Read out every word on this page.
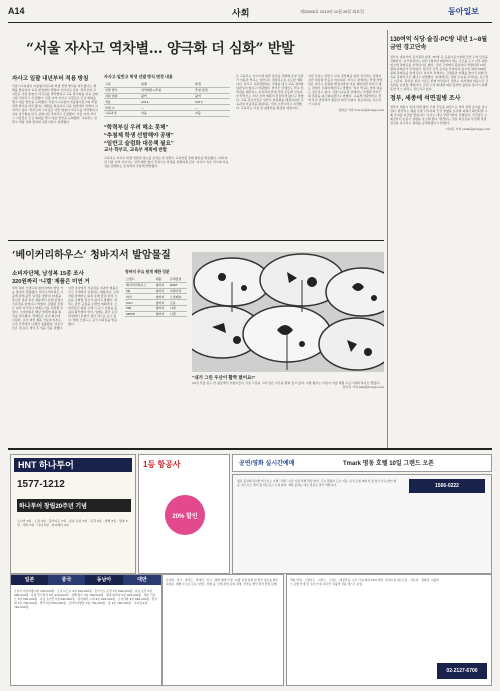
A14	사회	제22695호 2013년 11월 26일 화요일	동아일보
“서울 자사고 역차별… 양극화 더 심화” 반발
자사고 일괄 내년부터 적용 방침
서울시교육청이 자율형사립고의 학생 선발 방식을 바꾸겠다는 계획을 발표하자 교육 현장에서 반발이 이어지고 있다. 학부모와 교사들은 이번 방침이 자사고를 역차별하고 교육 양극화를 더욱 심화시킬 것이라고 주장했다. 서울 지역 자사고 교장들은 긴급 회의를 열고 대응 방안을 논의했다. 서울시교육청이 자율형사립고의 학생 선발 방식을 바꾸겠다는 계획을 발표하자 교육 현장에서 반발이 이어지고 있다. 학부모와 교사들은 이번 방침이 자사고를 역차별하고 교육 양극화를 더욱 심화시킬 것이라고 주장했다. 서울 지역 자사고 교장들은 긴급 회의를 열고 대응 방안을 논의했다. 교육부는 일반고 역량 강화 방안의 일환이라고 설명했다.
자사고·일반고 학생 선발 방식 변경 내용
구분	현행	변경
선발 방식	성적제한+추첨	추첨·면접
지원 범위	광역	광역
적용	2014	2015
학생 수	—	—
교육과정	자율	자율
“학력부실 우려 해소 못해”
“추첨제 학생 선발해야 공평”
“일반고 슬럼화 대응책 필요”
교사·학부모, 교육부 계획에 반발
교육부는 자사고 학생 선발권 축소를 골자로 한 일반고 교육역량 강화 방안을 발표했다. 이에 따라 서울 지역 자사고는 성적 제한 없이 추첨으로 학생을 선발하게 된다. 자사고 측은 학교의 자율성을 침해하는 조치라며 강하게 반발했다.
또 교육부는 자사고에 대한 평가를 강화해 운영 성과가 미흡한 학교는 일반고로 전환하도록 유도할 계획이다. 자사고 교장연합회는 성명을 내고 교육 정책의 일관성이 없다고 비판했다. 학부모 단체들도 학교 선택권을 제한하는 조치라며 반대 서명 운동에 나섰다. 한 학부모는 자녀 진학 계획이 흔들리게 됐다고 말했다. 교육 전문가들은 일반고 슬럼화를 해결하려면 교육과정 자율권을 확대하는 것이 우선이라고 지적했다. 교육부는 다음 달 최종안을 확정할 예정이다.
이번 조치는 일반고 교육 정상화를 위한 것이라는 설명이지만 현장의 반응은 싸늘하다. 자사고 관계자는 학생 선발권은 자사고 운영의 핵심이라며 이를 제한하면 자사고 제도 자체가 무의미해진다고 말했다. 일부 학교는 법적 대응도 검토하고 있다. 서울시교육청 관계자는 학생과 학부모의 혼란을 최소화하겠다고 밝혔다. 교육계 안팎에서는 정책 추진 과정에서 충분한 의견 수렴이 필요하다는 목소리가 나온다.
김희균 기자 foryou@donga.com
130여억 식당·술집·PC방 내년 1∼8월 금연 경고단속
정부가 내년부터 음식점과 술집, PC방 등 공중이용시설의 금연 구역 단속을 강화한다. 보건복지부는 내년 1월부터 8월까지 계도 기간을 두고 이후 위반 업소에 과태료를 부과하기로 했다. 금연 구역에서 흡연하다 적발되면 10만 원의 과태료가 부과된다. 업주가 금연 표지를 부착하지 않으면 최대 500만 원의 과태료를 물게 된다. 복지부 관계자는 간접흡연 피해를 줄이기 위해 단속을 강화하기로 했다고 설명했다. 업계에서는 영업 손실을 우려하는 목소리도 나온다. 흡연실 설치 기준도 함께 마련된다. 정부는 지자체와 합동으로 단속반을 운영할 계획이다. 금연 구역 확대에 따른 흡연자 불편을 줄이기 위해 흡연 부스 설치도 검토하고 있다.
정부, 세종에 석면질병 조사
정부가 세종시 일대 석면 광산 주변 주민을 대상으로 석면 질병 조사를 실시한다. 환경부는 폐광 주변 거주자의 건강 영향을 조사해 피해가 확인되면 구제 급여를 지급할 방침이다. 조사는 내년 상반기까지 진행된다. 주민들은 오래전부터 호흡기 질환을 호소해 왔다. 환경부는 전문 의료진을 투입해 정밀 검진을 실시하고 결과를 공개하겠다고 밝혔다.
이지은 기자 smile@donga.com
‘베이커리하우스’ 청바지서 발암물질
소비자단체, 남성복 15종 조사
320원짜리 ‘니켈’ 제품은 미연 거
일부 의류 브랜드의 청바지에서 발암 가능 물질이 검출됐다. 한국소비자원은 시중에 판매 중인 남성용 청바지 15종을 조사한 결과 일부 제품에서 유해 물질이 기준치를 넘었다고 밝혔다. 검출된 물질은 피부 자극이나 알레르기를 유발할 수 있다. 소비자원은 해당 업체에 제품 회수를 권고했다. 업체들은 자진 회수에 나섰다. 조사 대상 제품 가운데 일부는 금속 단추에서 니켈이 검출됐다. 전문가들은 새 옷은 세탁 후 입을 것을 권했다.
이번 조사에서 기준치를 초과한 제품은 모두 국내에서 유통되는 제품이다. 소비자원 관계자는 의류 유해 물질 관리 기준을 강화할 필요가 있다고 말했다. 정부는 관련 규정을 보완할 계획이다. 소비자들은 제품 구매 시 표시 사항을 꼼꼼히 확인해야 한다. 업계는 원단 공급 과정에서 문제가 생긴 것으로 보고 있다. 해당 브랜드는 공식 사과문을 발표했다.
청바지 주요 원재 제한 성분
브랜드	제품	유해물질
베이커리하우스	청바지	DMF
MJ	청바지	아릴아민
바이	청바지	노닐페놀
GSC	청바지	포름
TBJ	청바지	니켈
MIRR	청바지	니켈
“내가 그린 우산이 활짝 폈어요!”
25일 서울 중구 한 광장에서 어린이들이 직접 그림을 그려 넣은 우산을 펼쳐 들고 있다. 이날 행사는 어린이 미술 체험 프로그램의 하나로 열렸다.
김미옥 기자 salt@donga.com
HNT 하나투어
1577-1212
하나투어 창립20주년 기념
오사카 3일 · 도쿄 4일 · 홋카이도 5일 · 큐슈 온천 3일 · 북경 4일 · 상해 3일 · 방콕 5일 · 세부 5일 · 다낭 5일 · 타이베이 4일
일본	중국	동남아	대만
오사카 자유여행 3일 399,000원 · 도쿄 디즈니 4일 599,000원 · 홋카이도 온천 5일 899,000원 · 큐슈 료칸 3일 499,000원 · 북경 만리장성 4일 459,000원 · 상해 항주 3일 399,000원 · 방콕 파타야 5일 599,000원 · 세부 리조트 5일 699,000원 · 다낭 호이안 5일 649,000원 · 타이베이 시내 4일 499,000원 · 오키나와 4일 699,000원 · 장가계 5일 799,000원 · 발리 5일 899,000원 · 코타키나발루 5일 759,000원 · 괌 4일 799,000원 · 사이판 4일 749,000원
1등 항공사
20% 할인
뮤지컬 · 연극 · 콘서트 · 클래식 · 전시 · 영화 예매 안내. 12월 공연 일정 및 할인 정보를 확인하세요. 예매 수수료 무료 이벤트 진행 중. 단체 관람 문의 환영. 선착순 할인 좌석 한정 판매.
공연/영화 실시간예매	Tmark 명동 호텔 10일 그랜드 오픈
명동 중심에 위치한 비즈니스 호텔 그랜드 오픈 기념 특별 객실 할인. 주요 관광지 도보 이동. 조식 포함 패키지 및 장기 투숙 할인 제공. 비즈니스 센터 및 피트니스 시설 완비. 예약 문의는 대표 번호로 연락 바랍니다.	1566-0222
객실 안내 · 스탠다드 · 디럭스 · 스위트 · 패밀리룸. 오픈 기념 최대 50% 할인. 부대시설 레스토랑 · 라운지 · 연회장. 셔틀버스 운행 안내 및 주차 안내. 외국인 관광객 전용 데스크 운영.
02-2127-6700
